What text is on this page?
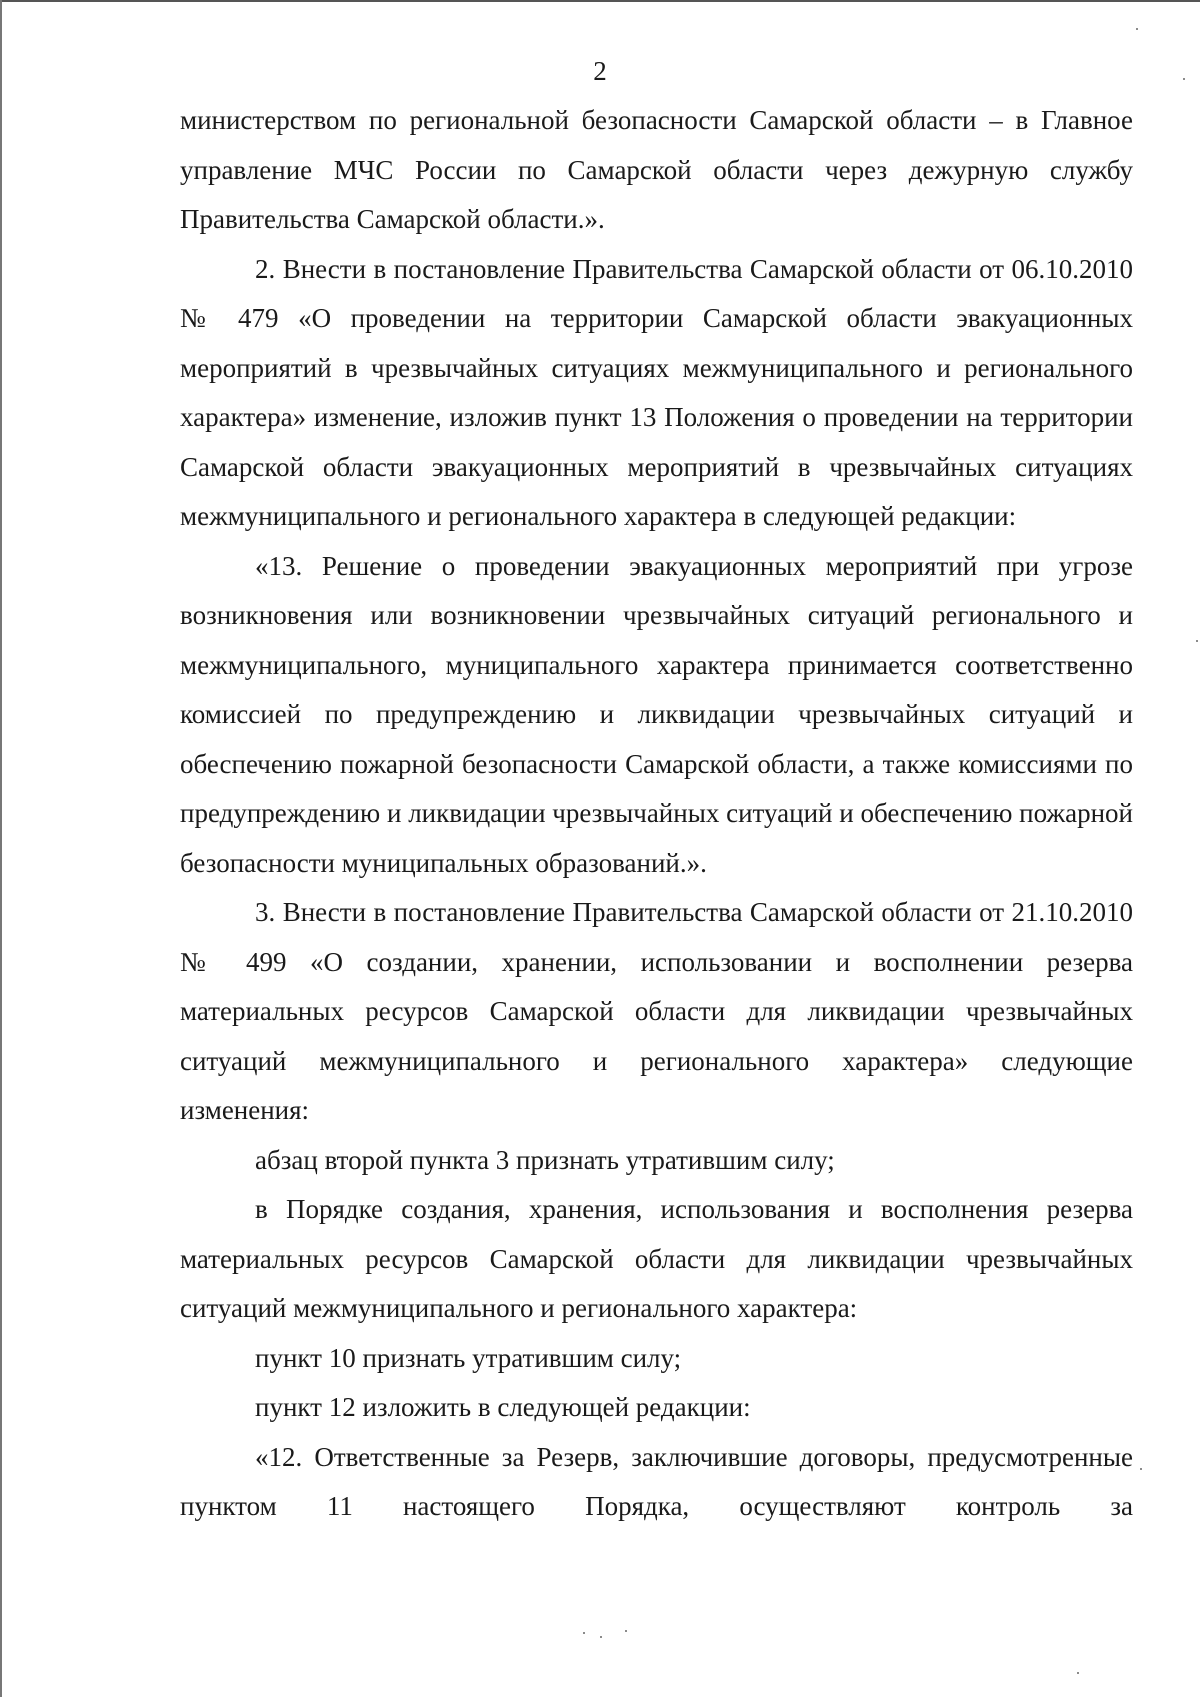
2

министерством по региональной безопасности Самарской области – в Главное управление МЧС России по Самарской области через дежурную службу Правительства Самарской области.».

2. Внести в постановление Правительства Самарской области от 06.10.2010 № 479 «О проведении на территории Самарской области эвакуационных мероприятий в чрезвычайных ситуациях межмуниципального и регионального характера» изменение, изложив пункт 13 Положения о проведении на территории Самарской области эвакуационных мероприятий в чрезвычайных ситуациях межмуниципального и регионального характера в следующей редакции:

«13. Решение о проведении эвакуационных мероприятий при угрозе возникновения или возникновении чрезвычайных ситуаций регионального и межмуниципального, муниципального характера принимается соответственно комиссией по предупреждению и ликвидации чрезвычайных ситуаций и обеспечению пожарной безопасности Самарской области, а также комиссиями по предупреждению и ликвидации чрезвычайных ситуаций и обеспечению пожарной безопасности муниципальных образований.».

3. Внести в постановление Правительства Самарской области от 21.10.2010 № 499 «О создании, хранении, использовании и восполнении резерва материальных ресурсов Самарской области для ликвидации чрезвычайных ситуаций межмуниципального и регионального характера» следующие изменения:

абзац второй пункта 3 признать утратившим силу;

в Порядке создания, хранения, использования и восполнения резерва материальных ресурсов Самарской области для ликвидации чрезвычайных ситуаций межмуниципального и регионального характера:

пункт 10 признать утратившим силу;

пункт 12 изложить в следующей редакции:

«12. Ответственные за Резерв, заключившие договоры, предусмотренные пунктом 11 настоящего Порядка, осуществляют контроль за
